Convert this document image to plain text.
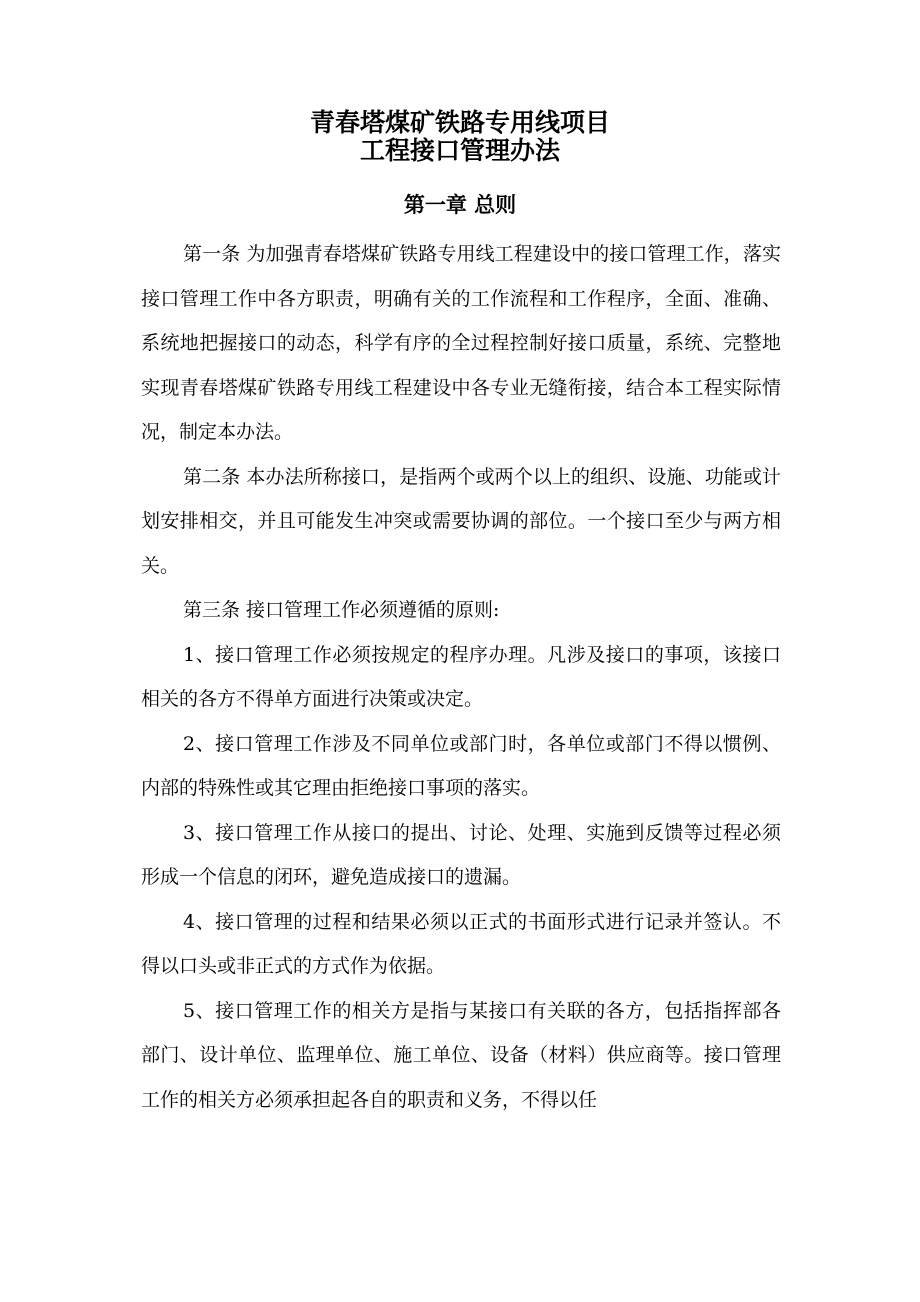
青春塔煤矿铁路专用线项目
工程接口管理办法
第一章 总则

第一条 为加强青春塔煤矿铁路专用线工程建设中的接口管理工作，落实接口管理工作中各方职责，明确有关的工作流程和工作程序，全面、准确、系统地把握接口的动态，科学有序的全过程控制好接口质量，系统、完整地实现青春塔煤矿铁路专用线工程建设中各专业无缝衔接，结合本工程实际情况，制定本办法。

第二条 本办法所称接口，是指两个或两个以上的组织、设施、功能或计划安排相交，并且可能发生冲突或需要协调的部位。一个接口至少与两方相关。

第三条 接口管理工作必须遵循的原则:

1、接口管理工作必须按规定的程序办理。凡涉及接口的事项，该接口相关的各方不得单方面进行决策或决定。

2、接口管理工作涉及不同单位或部门时，各单位或部门不得以惯例、内部的特殊性或其它理由拒绝接口事项的落实。

3、接口管理工作从接口的提出、讨论、处理、实施到反馈等过程必须形成一个信息的闭环，避免造成接口的遗漏。

4、接口管理的过程和结果必须以正式的书面形式进行记录并签认。不得以口头或非正式的方式作为依据。

5、接口管理工作的相关方是指与某接口有关联的各方，包括指挥部各部门、设计单位、监理单位、施工单位、设备（材料）供应商等。接口管理工作的相关方必须承担起各自的职责和义务，不得以任
